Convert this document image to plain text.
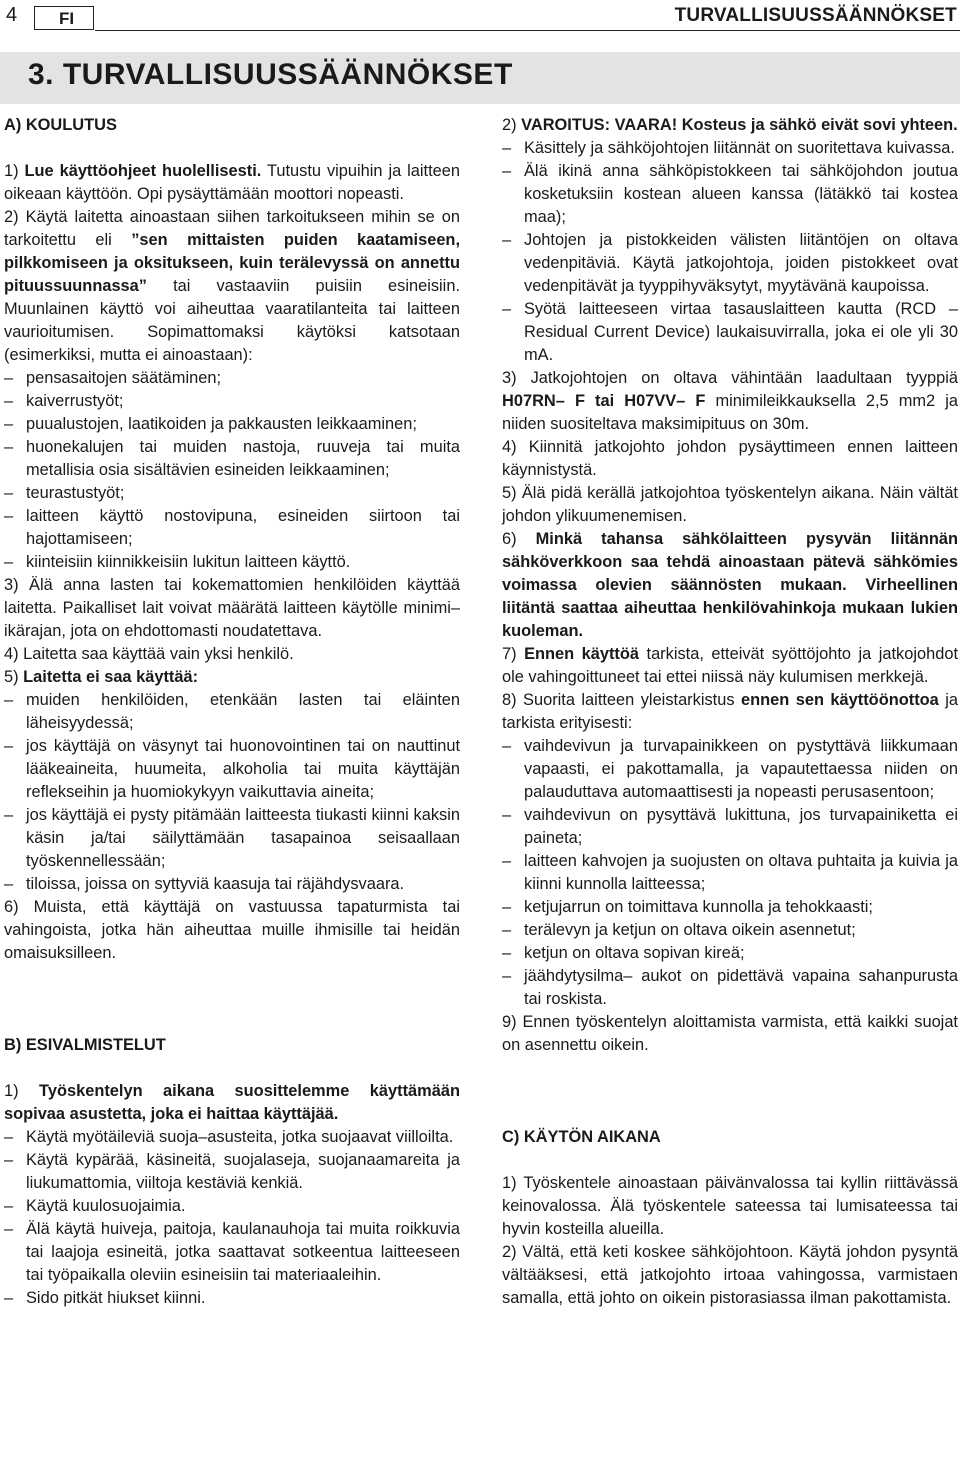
4	FI	TURVALLISUUSSÄÄNNÖKSET
3. TURVALLISUUSSÄÄNNÖKSET
A) KOULUTUS

1) Lue käyttöohjeet huolellisesti. Tutustu vipuihin ja laitteen oikeaan käyttöön. Opi pysäyttämään moottori nopeasti.

2) Käytä laitetta ainoastaan siihen tarkoitukseen mihin se on tarkoitettu eli ”sen mittaisten puiden kaatamiseen, pilkkomiseen ja oksitukseen, kuin terälevyssä on annettu pituussuunnassa” tai vastaaviin puisiin esineisiin. Muunlainen käyttö voi aiheuttaa vaaratilanteita tai laitteen vaurioitumisen. Sopimattomaksi käytöksi katsotaan (esimerkiksi, mutta ei ainoastaan):

– pensasaitojen säätäminen;

– kaiverrustyöt;

– puualustojen, laatikoiden ja pakkausten leikkaaminen;

– huonekalujen tai muiden nastoja, ruuveja tai muita metallisia osia sisältävien esineiden leikkaaminen;

– teurastustyöt;

– laitteen käyttö nostovipuna, esineiden siirtoon tai hajottamiseen;

– kiinteisiin kiinnikkeisiin lukitun laitteen käyttö.

3) Älä anna lasten tai kokemattomien henkilöiden käyttää laitetta. Paikalliset lait voivat määrätä laitteen käytölle minimi–ikärajan, jota on ehdottomasti noudatettava.

4) Laitetta saa käyttää vain yksi henkilö.

5) Laitetta ei saa käyttää:

– muiden henkilöiden, etenkään lasten tai eläinten läheisyydessä;

– jos käyttäjä on väsynyt tai huonovointinen tai on nauttinut lääkeaineita, huumeita, alkoholia tai muita käyttäjän reflekseihin ja huomiokykyyn vaikuttavia aineita;

– jos käyttäjä ei pysty pitämään laitteesta tiukasti kiinni kaksin käsin ja/tai säilyttämään tasapainoa seisaallaan työskennellessään;

– tiloissa, joissa on syttyviä kaasuja tai räjähdysvaara.

6) Muista, että käyttäjä on vastuussa tapaturmista tai vahingoista, jotka hän aiheuttaa muille ihmisille tai heidän omaisuksilleen.

B) ESIVALMISTELUT

1) Työskentelyn aikana suosittelemme käyttämään sopivaa asustetta, joka ei haittaa käyttäjää.

– Käytä myötäileviä suoja–asusteita, jotka suojaavat viilloilta.

– Käytä kypärää, käsineitä, suojalaseja, suojanaamareita ja liukumattomia, viiltoja kestäviä kenkiä.

– Käytä kuulosuojaimia.

– Älä käytä huiveja, paitoja, kaulanauhoja tai muita roikkuvia tai laajoja esineitä, jotka saattavat sotkeentua laitteeseen tai työpaikalla oleviin esineisiin tai materiaaleihin.

– Sido pitkät hiukset kiinni.

2) VAROITUS: VAARA! Kosteus ja sähkö eivät sovi yhteen.

– Käsittely ja sähköjohtojen liitännät on suoritettava kuivassa.

– Älä ikinä anna sähköpistokkeen tai sähköjohdon joutua kosketuksiin kostean alueen kanssa (lätäkkö tai kostea maa);

– Johtojen ja pistokkeiden välisten liitäntöjen on oltava vedenpitäviä. Käytä jatkojohtoja, joiden pistokkeet ovat vedenpitävät ja tyyppihyväksytyt, myytävänä kaupoissa.

– Syötä laitteeseen virtaa tasauslaitteen kautta (RCD – Residual Current Device) laukaisuvirralla, joka ei ole yli 30 mA.

3) Jatkojohtojen on oltava vähintään laadultaan tyyppiä H07RN– F tai H07VV– F minimileikkauksella 2,5 mm2 ja niiden suositeltava maksimipituus on 30m.

4) Kiinnitä jatkojohto johdon pysäyttimeen ennen laitteen käynnistystä.

5) Älä pidä kerällä jatkojohtoa työskentelyn aikana. Näin vältät johdon ylikuumenemisen.

6) Minkä tahansa sähkölaitteen pysyvän liitännän sähköverkkoon saa tehdä ainoastaan pätevä sähkömies voimassa olevien säännösten mukaan. Virheellinen liitäntä saattaa aiheuttaa henkilövahinkoja mukaan lukien kuoleman.

7) Ennen käyttöä tarkista, etteivät syöttöjohto ja jatkojohdot ole vahingoittuneet tai ettei niissä näy kulumisen merkkejä.

8) Suorita laitteen yleistarkistus ennen sen käyttöönottoa ja tarkista erityisesti:

– vaihdevivun ja turvapainikkeen on pystyttävä liikkumaan vapaasti, ei pakottamalla, ja vapautettaessa niiden on palauduttava automaattisesti ja nopeasti perusasentoon;

– vaihdevivun on pysyttävä lukittuna, jos turvapainiketta ei paineta;

– laitteen kahvojen ja suojusten on oltava puhtaita ja kuivia ja kiinni kunnolla laitteessa;

– ketjujarrun on toimittava kunnolla ja tehokkaasti;

– terälevyn ja ketjun on oltava oikein asennetut;

– ketjun on oltava sopivan kireä;

– jäähdytysilma– aukot on pidettävä vapaina sahanpurusta tai roskista.

9) Ennen työskentelyn aloittamista varmista, että kaikki suojat on asennettu oikein.

C) KÄYTÖN AIKANA

1) Työskentele ainoastaan päivänvalossa tai kyllin riittävässä keinovalossa. Älä työskentele sateessa tai lumisateessa tai hyvin kosteilla alueilla.

2) Vältä, että keti koskee sähköjohtoon. Käytä johdon pysyntä vältääksesi, että jatkojohto irtoaa vahingossa, varmistaen samalla, että johto on oikein pistorasiassa ilman pakottamista.
